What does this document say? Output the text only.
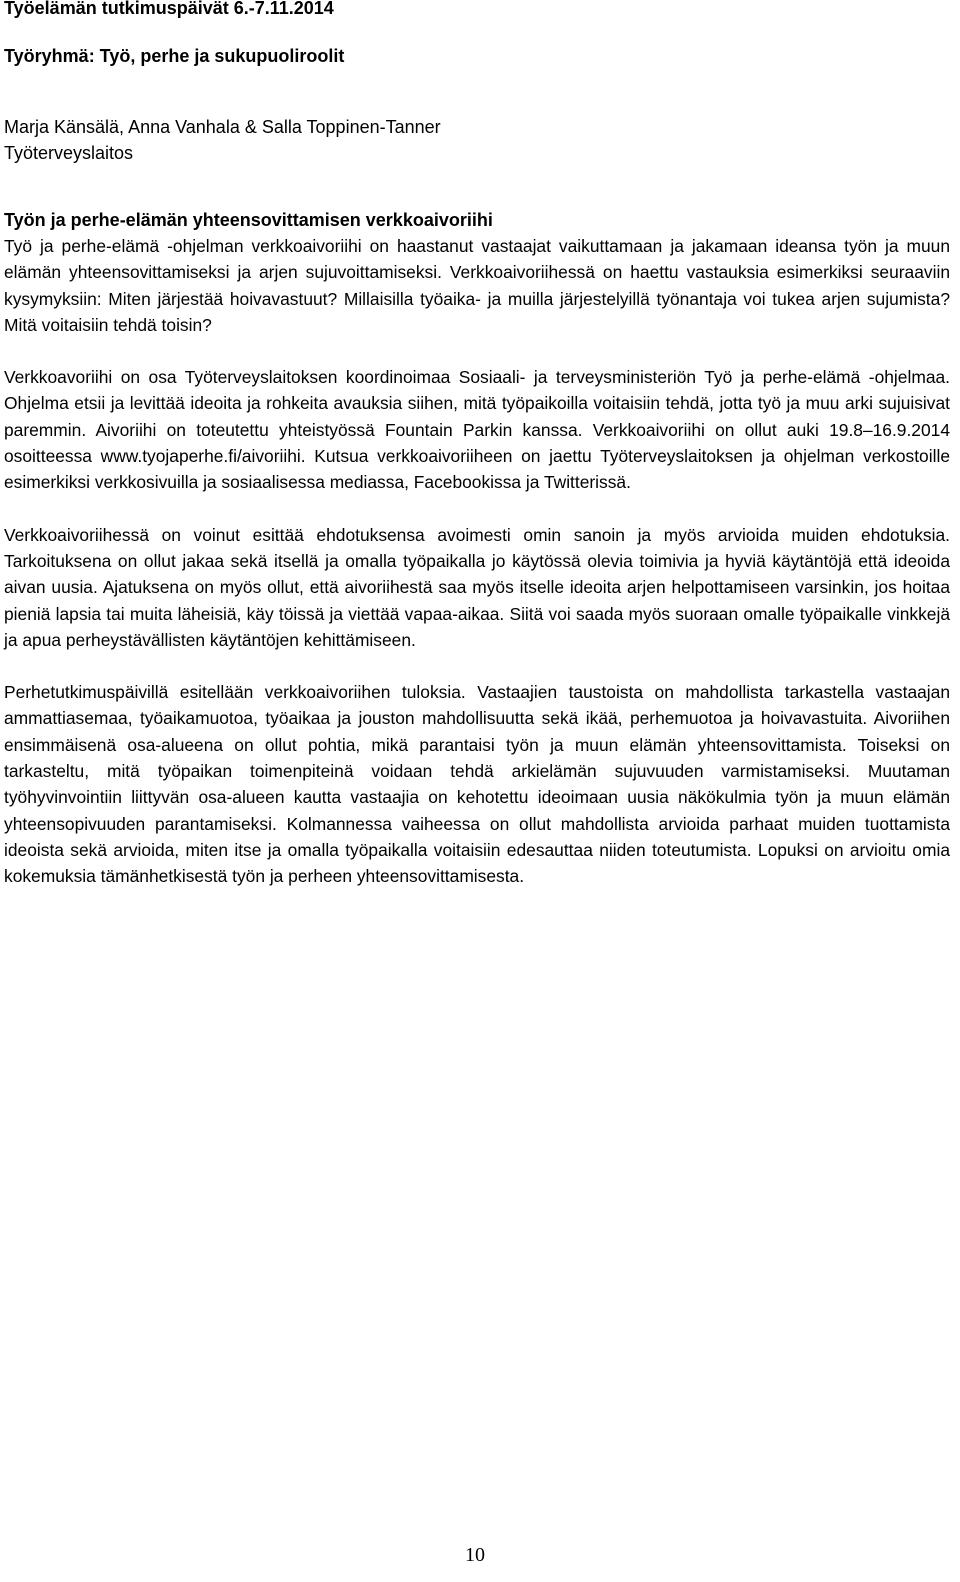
Työelämän tutkimuspäivät 6.-7.11.2014

Työryhmä: Työ, perhe ja sukupuoliroolit

Marja Känsälä, Anna Vanhala & Salla Toppinen-Tanner

Työterveyslaitos

Työn ja perhe-elämän yhteensovittamisen verkkoaivoriihi

Työ ja perhe-elämä -ohjelman verkkoaivoriihi on haastanut vastaajat vaikuttamaan ja jakamaan ideansa työn ja muun elämän yhteensovittamiseksi ja arjen sujuvoittamiseksi. Verkkoaivoriihessä on haettu vastauksia esimerkiksi seuraaviin kysymyksiin: Miten järjestää hoivavastuut? Millaisilla työaika- ja muilla järjestelyillä työnantaja voi tukea arjen sujumista? Mitä voitaisiin tehdä toisin?

Verkkoavoriihi on osa Työterveyslaitoksen koordinoimaa Sosiaali- ja terveysministeriön Työ ja perhe-elämä -ohjelmaa. Ohjelma etsii ja levittää ideoita ja rohkeita avauksia siihen, mitä työpaikoilla voitaisiin tehdä, jotta työ ja muu arki sujuisivat paremmin. Aivoriihi on toteutettu yhteistyössä Fountain Parkin kanssa. Verkkoaivoriihi on ollut auki 19.8–16.9.2014 osoitteessa www.tyojaperhe.fi/aivoriihi. Kutsua verkkoaivoriiheen on jaettu Työterveyslaitoksen ja ohjelman verkostoille esimerkiksi verkkosivuilla ja sosiaalisessa mediassa, Facebookissa ja Twitterissä.

Verkkoaivoriihessä on voinut esittää ehdotuksensa avoimesti omin sanoin ja myös arvioida muiden ehdotuksia. Tarkoituksena on ollut jakaa sekä itsellä ja omalla työpaikalla jo käytössä olevia toimivia ja hyviä käytäntöjä että ideoida aivan uusia. Ajatuksena on myös ollut, että aivoriihestä saa myös itselle ideoita arjen helpottamiseen varsinkin, jos hoitaa pieniä lapsia tai muita läheisiä, käy töissä ja viettää vapaa-aikaa. Siitä voi saada myös suoraan omalle työpaikalle vinkkejä ja apua perheystävällisten käytäntöjen kehittämiseen.

Perhetutkimuspäivillä esitellään verkkoaivoriihen tuloksia. Vastaajien taustoista on mahdollista tarkastella vastaajan ammattiasemaa, työaikamuotoa, työaikaa ja jouston mahdollisuutta sekä ikää, perhemuotoa ja hoivavastuita. Aivoriihen ensimmäisenä osa-alueena on ollut pohtia, mikä parantaisi työn ja muun elämän yhteensovittamista. Toiseksi on tarkasteltu, mitä työpaikan toimenpiteinä voidaan tehdä arkielämän sujuvuuden varmistamiseksi. Muutaman työhyvinvointiin liittyvän osa-alueen kautta vastaajia on kehotettu ideoimaan uusia näkökulmia työn ja muun elämän yhteensopivuuden parantamiseksi. Kolmannessa vaiheessa on ollut mahdollista arvioida parhaat muiden tuottamista ideoista sekä arvioida, miten itse ja omalla työpaikalla voitaisiin edesauttaa niiden toteutumista. Lopuksi on arvioitu omia kokemuksia tämänhetkisestä työn ja perheen yhteensovittamisesta.

10
